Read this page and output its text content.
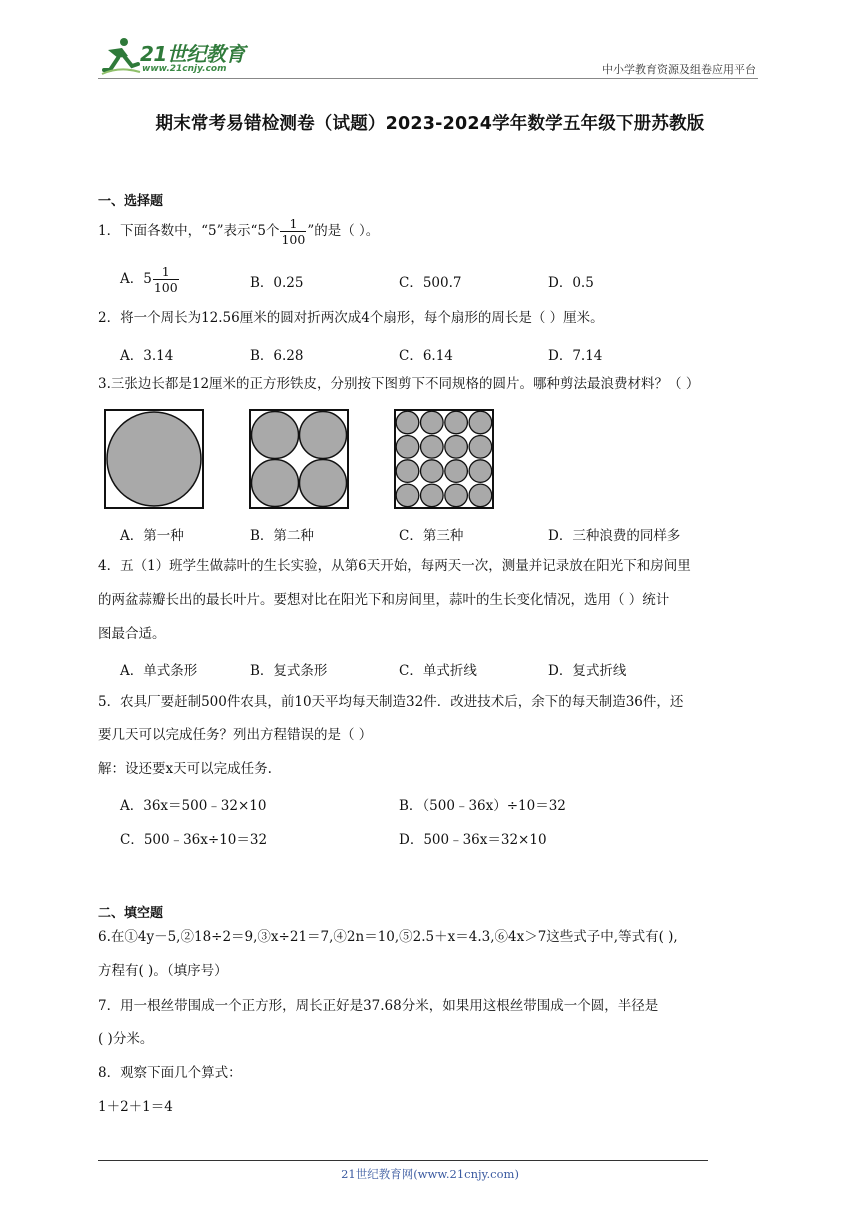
21世纪教育
www.21cnjy.com	中小学教育资源及组卷应用平台
期末常考易错检测卷（试题）2023-2024学年数学五年级下册苏教版
一、选择题
1．下面各数中，“5”表示“5个 $\frac{1}{100}$ ”的是（ ）。
A．$5 \frac{1}{100}$	B．0.25	C．500.7	D．0.5
2．将一个周长为12.56厘米的圆对折两次成4个扇形，每个扇形的周长是（ ）厘米。
A．3.14	B．6.28	C．6.14	D．7.14
3.三张边长都是12厘米的正方形铁皮，分别按下图剪下不同规格的圆片。哪种剪法最浪费材料？（ ）
A．第一种	B．第二种	C．第三种	D．三种浪费的同样多
4．五（1）班学生做蒜叶的生长实验，从第6天开始，每两天一次，测量并记录放在阳光下和房间里
的两盆蒜瓣长出的最长叶片。要想对比在阳光下和房间里，蒜叶的生长变化情况，选用（ ）统计
图最合适。
A．单式条形	B．复式条形	C．单式折线	D．复式折线
5．农具厂要赶制500件农具，前10天平均每天制造32件．改进技术后，余下的每天制造36件，还
要几天可以完成任务？列出方程错误的是（ ）
解：设还要x天可以完成任务.
A．36x＝500﹣32×10	B．（500﹣36x）÷10＝32
C．500﹣36x÷10＝32	D．500﹣36x＝32×10
二、填空题
6.在①4y－5,②18÷2＝9,③x÷21＝7,④2n＝10,⑤2.5＋x＝4.3,⑥4x＞7这些式子中,等式有( ),
方程有( )。（填序号）
7．用一根丝带围成一个正方形，周长正好是37.68分米，如果用这根丝带围成一个圆，半径是
( )分米。
8．观察下面几个算式：
1＋2＋1＝4
21世纪教育网(www.21cnjy.com)
